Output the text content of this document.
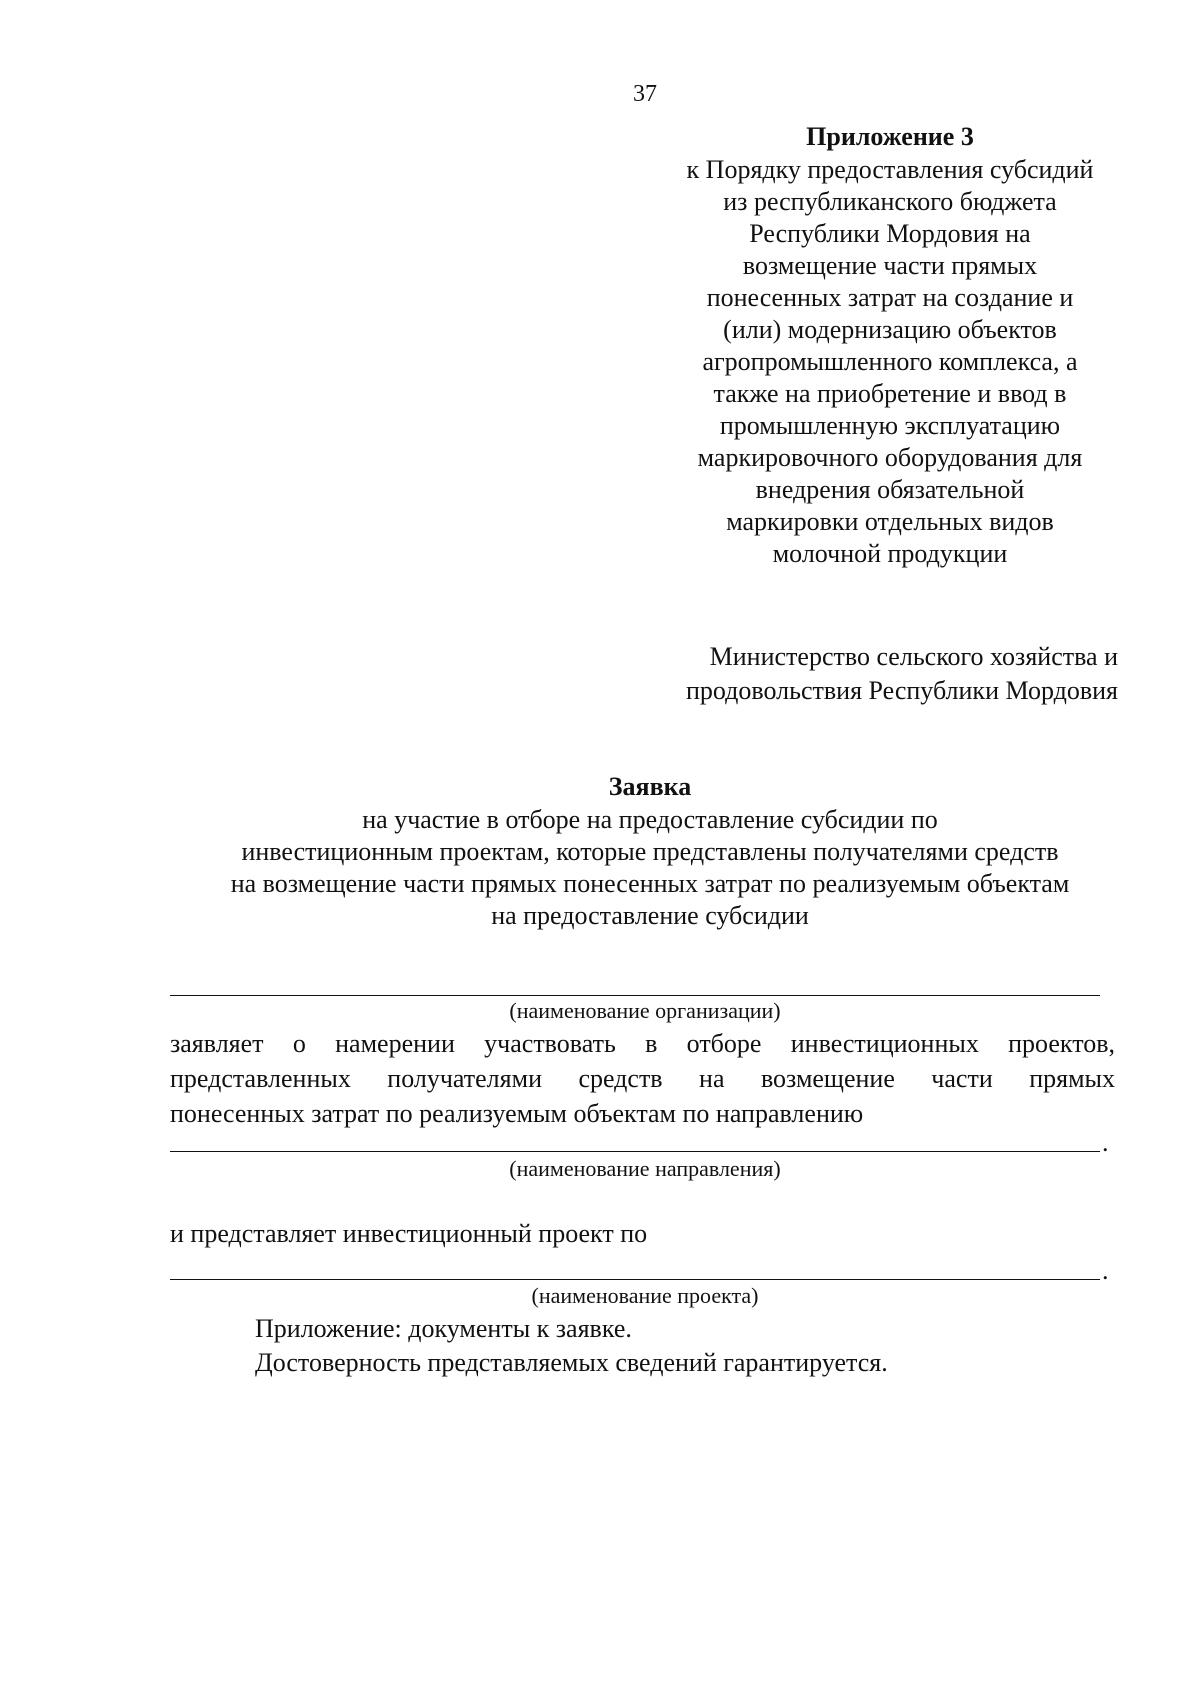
37
Приложение 3
к Порядку предоставления субсидий
из республиканского бюджета
Республики Мордовия на
возмещение части прямых
понесенных затрат на создание и
(или) модернизацию объектов
агропромышленного комплекса, а
также на приобретение и ввод в
промышленную эксплуатацию
маркировочного оборудования для
внедрения обязательной
маркировки отдельных видов
молочной продукции
Министерство сельского хозяйства и
продовольствия Республики Мордовия
Заявка
на участие в отборе на предоставление субсидии по
инвестиционным проектам, которые представлены получателями средств
на возмещение части прямых понесенных затрат по реализуемым объектам
на предоставление субсидии
(наименование организации)
заявляет о намерении участвовать в отборе инвестиционных проектов,
представленных получателями средств на возмещение части прямых
понесенных затрат по реализуемым объектам по направлению
.
(наименование направления)
и представляет инвестиционный проект по
.
(наименование проекта)
Приложение: документы к заявке.
Достоверность представляемых сведений гарантируется.
